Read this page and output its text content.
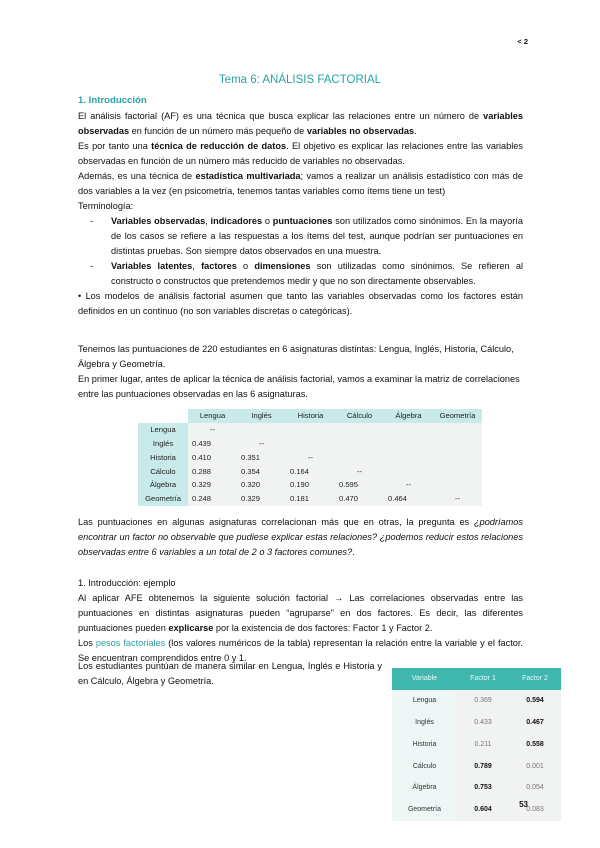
< 2
Tema 6: ANÁLISIS FACTORIAL
1. Introducción
El análisis factorial (AF) es una técnica que busca explicar las relaciones entre un número de variables observadas en función de un número más pequeño de variables no observadas.
Es por tanto una técnica de reducción de datos. El objetivo es explicar las relaciones entre las variables observadas en función de un número más reducido de variables no observadas.
Además, es una técnica de estadística multivariada; vamos a realizar un análisis estadístico con más de dos variables a la vez (en psicometría, tenemos tantas variables como ítems tiene un test)
Terminología:
- Variables observadas, indicadores o puntuaciones son utilizados como sinónimos. En la mayoría de los casos se refiere a las respuestas a los ítems del test, aunque podrían ser puntuaciones en distintas pruebas. Son siempre datos observados en una muestra.
- Variables latentes, factores o dimensiones son utilizadas como sinónimos. Se refieren al constructo o constructos que pretendemos medir y que no son directamente observables.
• Los modelos de análisis factorial asumen que tanto las variables observadas como los factores están definidos en un continuo (no son variables discretas o categóricas).
Tenemos las puntuaciones de 220 estudiantes en 6 asignaturas distintas: Lengua, Inglés, Historia, Cálculo, Álgebra y Geometría.
En primer lugar, antes de aplicar la técnica de análisis factorial, vamos a examinar la matriz de correlaciones entre las puntuaciones observadas en las 6 asignaturas.
	Lengua	Inglés	Historia	Cálculo	Álgebra	Geometría
Lengua	--					
Inglés	0.439	--				
Historia	0.410	0.351	--			
Cálculo	0.288	0.354	0.164	--		
Álgebra	0.329	0.320	0.190	0.595	--	
Geometría	0.248	0.329	0.181	0.470	0.464	--
Las puntuaciones en algunas asignaturas correlacionan más que en otras, la pregunta es ¿podríamos encontrar un factor no observable que pudiese explicar estas relaciones? ¿podemos reducir estos relaciones observadas entre 6 variables a un total de 2 o 3 factores comunes?.
1. Introducción: ejemplo
Al aplicar AFE obtenemos la siguiente solución factorial → Las correlaciones observadas entre las puntuaciones en distintas asignaturas pueden “agruparse” en dos factores. Es decir, las diferentes puntuaciones pueden explicarse por la existencia de dos factores: Factor 1 y Factor 2.
Los pesos factoriales (los valores numéricos de la tabla) representan la relación entre la variable y el factor. Se encuentran comprendidos entre 0 y 1.
Los estudiantes puntúan de manera similar en Lengua, Inglés e Historia y en Cálculo, Álgebra y Geometría.	Variable	Factor 1	Factor 2
Lengua	0.369	0.594
Inglés	0.433	0.467
Historia	0.211	0.558
Cálculo	0.789	0.001
Álgebra	0.753	0.054
Geometría	0.604	0.083
53
